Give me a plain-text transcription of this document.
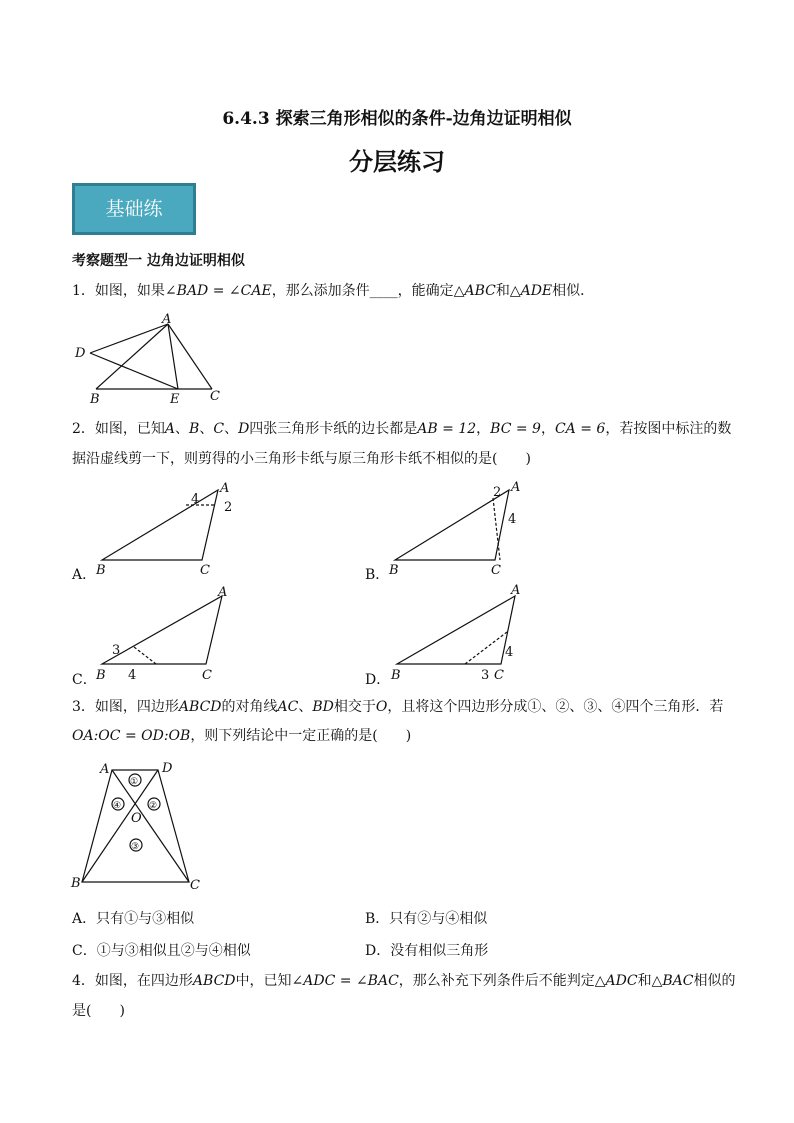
6.4.3 探索三角形相似的条件-边角边证明相似
分层练习
基础练
考察题型一 边角边证明相似
1．如图，如果∠BAD = ∠CAE，那么添加条件____，能确定△ABC和△ADE相似．
A
D
B	E C
2．如图，已知A、B、C、D四张三角形卡纸的边长都是AB = 12，BC = 9，CA = 6，若按图中标注的数
据沿虚线剪一下，则剪得的小三角形卡纸与原三角形卡纸不相似的是(　　)
A．
A
B	C
4
2
B．
A
B	C
2
4
C．
A
B	C
3
4	D．
A
B	C
3
4
3．如图，四边形ABCD的对角线AC、BD相交于O，且将这个四边形分成①、②、③、④四个三角形．若
OA:OC = OD:OB，则下列结论中一定正确的是(　　)
①
②
③
④
A	D
B	C
O
A．只有①与③相似	B．只有②与④相似
C．①与③相似且②与④相似	D．没有相似三角形
4．如图，在四边形ABCD中，已知∠ADC = ∠BAC，那么补充下列条件后不能判定△ADC和△BAC相似的
是(　　)
